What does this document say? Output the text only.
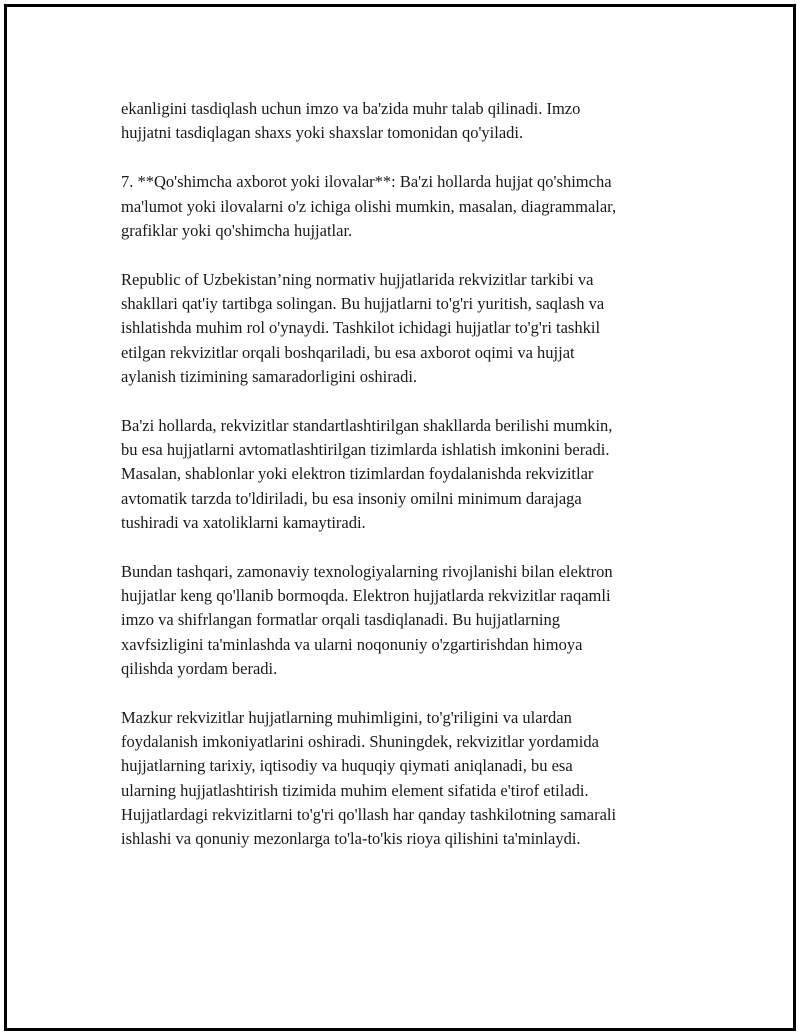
ekanligini tasdiqlash uchun imzo va ba'zida muhr talab qilinadi. Imzo
hujjatni tasdiqlagan shaxs yoki shaxslar tomonidan qo'yiladi.

7. **Qo'shimcha axborot yoki ilovalar**: Ba'zi hollarda hujjat qo'shimcha
ma'lumot yoki ilovalarni o'z ichiga olishi mumkin, masalan, diagrammalar,
grafiklar yoki qo'shimcha hujjatlar.

Republic of Uzbekistan’ning normativ hujjatlarida rekvizitlar tarkibi va
shakllari qat'iy tartibga solingan. Bu hujjatlarni to'g'ri yuritish, saqlash va
ishlatishda muhim rol o'ynaydi. Tashkilot ichidagi hujjatlar to'g'ri tashkil
etilgan rekvizitlar orqali boshqariladi, bu esa axborot oqimi va hujjat
aylanish tizimining samaradorligini oshiradi.

Ba'zi hollarda, rekvizitlar standartlashtirilgan shakllarda berilishi mumkin,
bu esa hujjatlarni avtomatlashtirilgan tizimlarda ishlatish imkonini beradi.
Masalan, shablonlar yoki elektron tizimlardan foydalanishda rekvizitlar
avtomatik tarzda to'ldiriladi, bu esa insoniy omilni minimum darajaga
tushiradi va xatoliklarni kamaytiradi.

Bundan tashqari, zamonaviy texnologiyalarning rivojlanishi bilan elektron
hujjatlar keng qo'llanib bormoqda. Elektron hujjatlarda rekvizitlar raqamli
imzo va shifrlangan formatlar orqali tasdiqlanadi. Bu hujjatlarning
xavfsizligini ta'minlashda va ularni noqonuniy o'zgartirishdan himoya
qilishda yordam beradi.

Mazkur rekvizitlar hujjatlarning muhimligini, to'g'riligini va ulardan
foydalanish imkoniyatlarini oshiradi. Shuningdek, rekvizitlar yordamida
hujjatlarning tarixiy, iqtisodiy va huquqiy qiymati aniqlanadi, bu esa
ularning hujjatlashtirish tizimida muhim element sifatida e'tirof etiladi.
Hujjatlardagi rekvizitlarni to'g'ri qo'llash har qanday tashkilotning samarali
ishlashi va qonuniy mezonlarga to'la-to'kis rioya qilishini ta'minlaydi.
